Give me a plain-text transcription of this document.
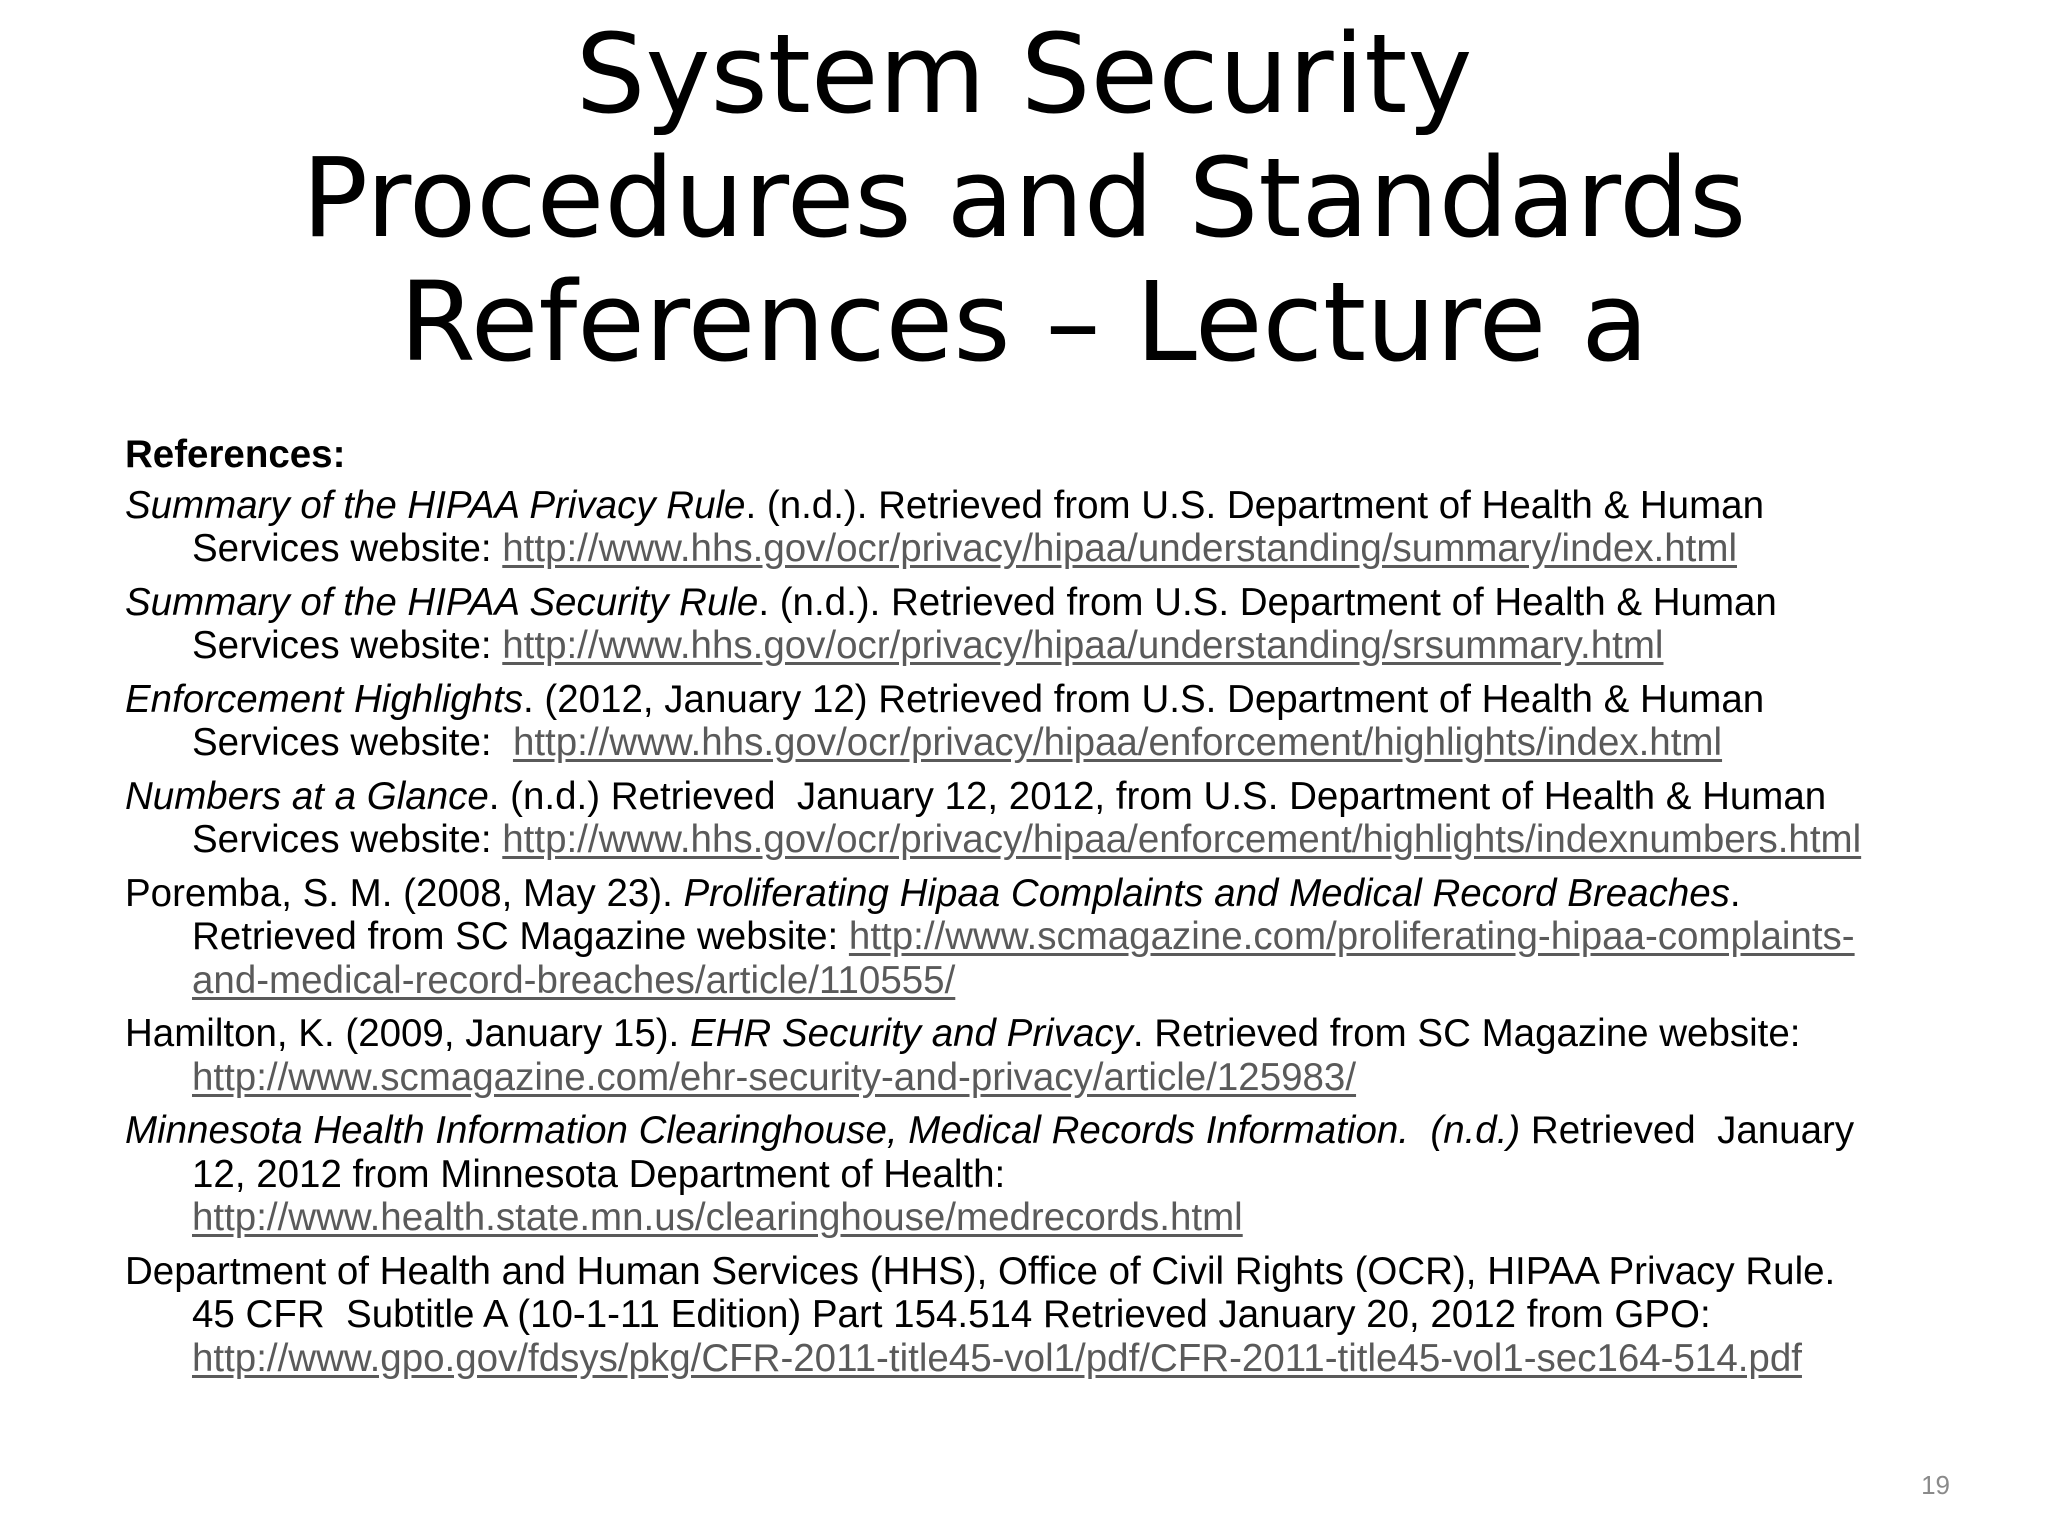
System Security
Procedures and Standards
References – Lecture a
References:
Summary of the HIPAA Privacy Rule. (n.d.). Retrieved from U.S. Department of Health & Human
Services website: http://www.hhs.gov/ocr/privacy/hipaa/understanding/summary/index.html
Summary of the HIPAA Security Rule. (n.d.). Retrieved from U.S. Department of Health & Human
Services website: http://www.hhs.gov/ocr/privacy/hipaa/understanding/srsummary.html
Enforcement Highlights. (2012, January 12) Retrieved from U.S. Department of Health & Human
Services website:  http://www.hhs.gov/ocr/privacy/hipaa/enforcement/highlights/index.html
Numbers at a Glance. (n.d.) Retrieved  January 12, 2012, from U.S. Department of Health & Human
Services website: http://www.hhs.gov/ocr/privacy/hipaa/enforcement/highlights/indexnumbers.html
Poremba, S. M. (2008, May 23). Proliferating Hipaa Complaints and Medical Record Breaches.
Retrieved from SC Magazine website: http://www.scmagazine.com/proliferating-hipaa-complaints-
and-medical-record-breaches/article/110555/
Hamilton, K. (2009, January 15). EHR Security and Privacy. Retrieved from SC Magazine website:
http://www.scmagazine.com/ehr-security-and-privacy/article/125983/
Minnesota Health Information Clearinghouse, Medical Records Information.  (n.d.) Retrieved  January
12, 2012 from Minnesota Department of Health:
http://www.health.state.mn.us/clearinghouse/medrecords.html
Department of Health and Human Services (HHS), Office of Civil Rights (OCR), HIPAA Privacy Rule.
45 CFR  Subtitle A (10-1-11 Edition) Part 154.514 Retrieved January 20, 2012 from GPO:
http://www.gpo.gov/fdsys/pkg/CFR-2011-title45-vol1/pdf/CFR-2011-title45-vol1-sec164-514.pdf
19
